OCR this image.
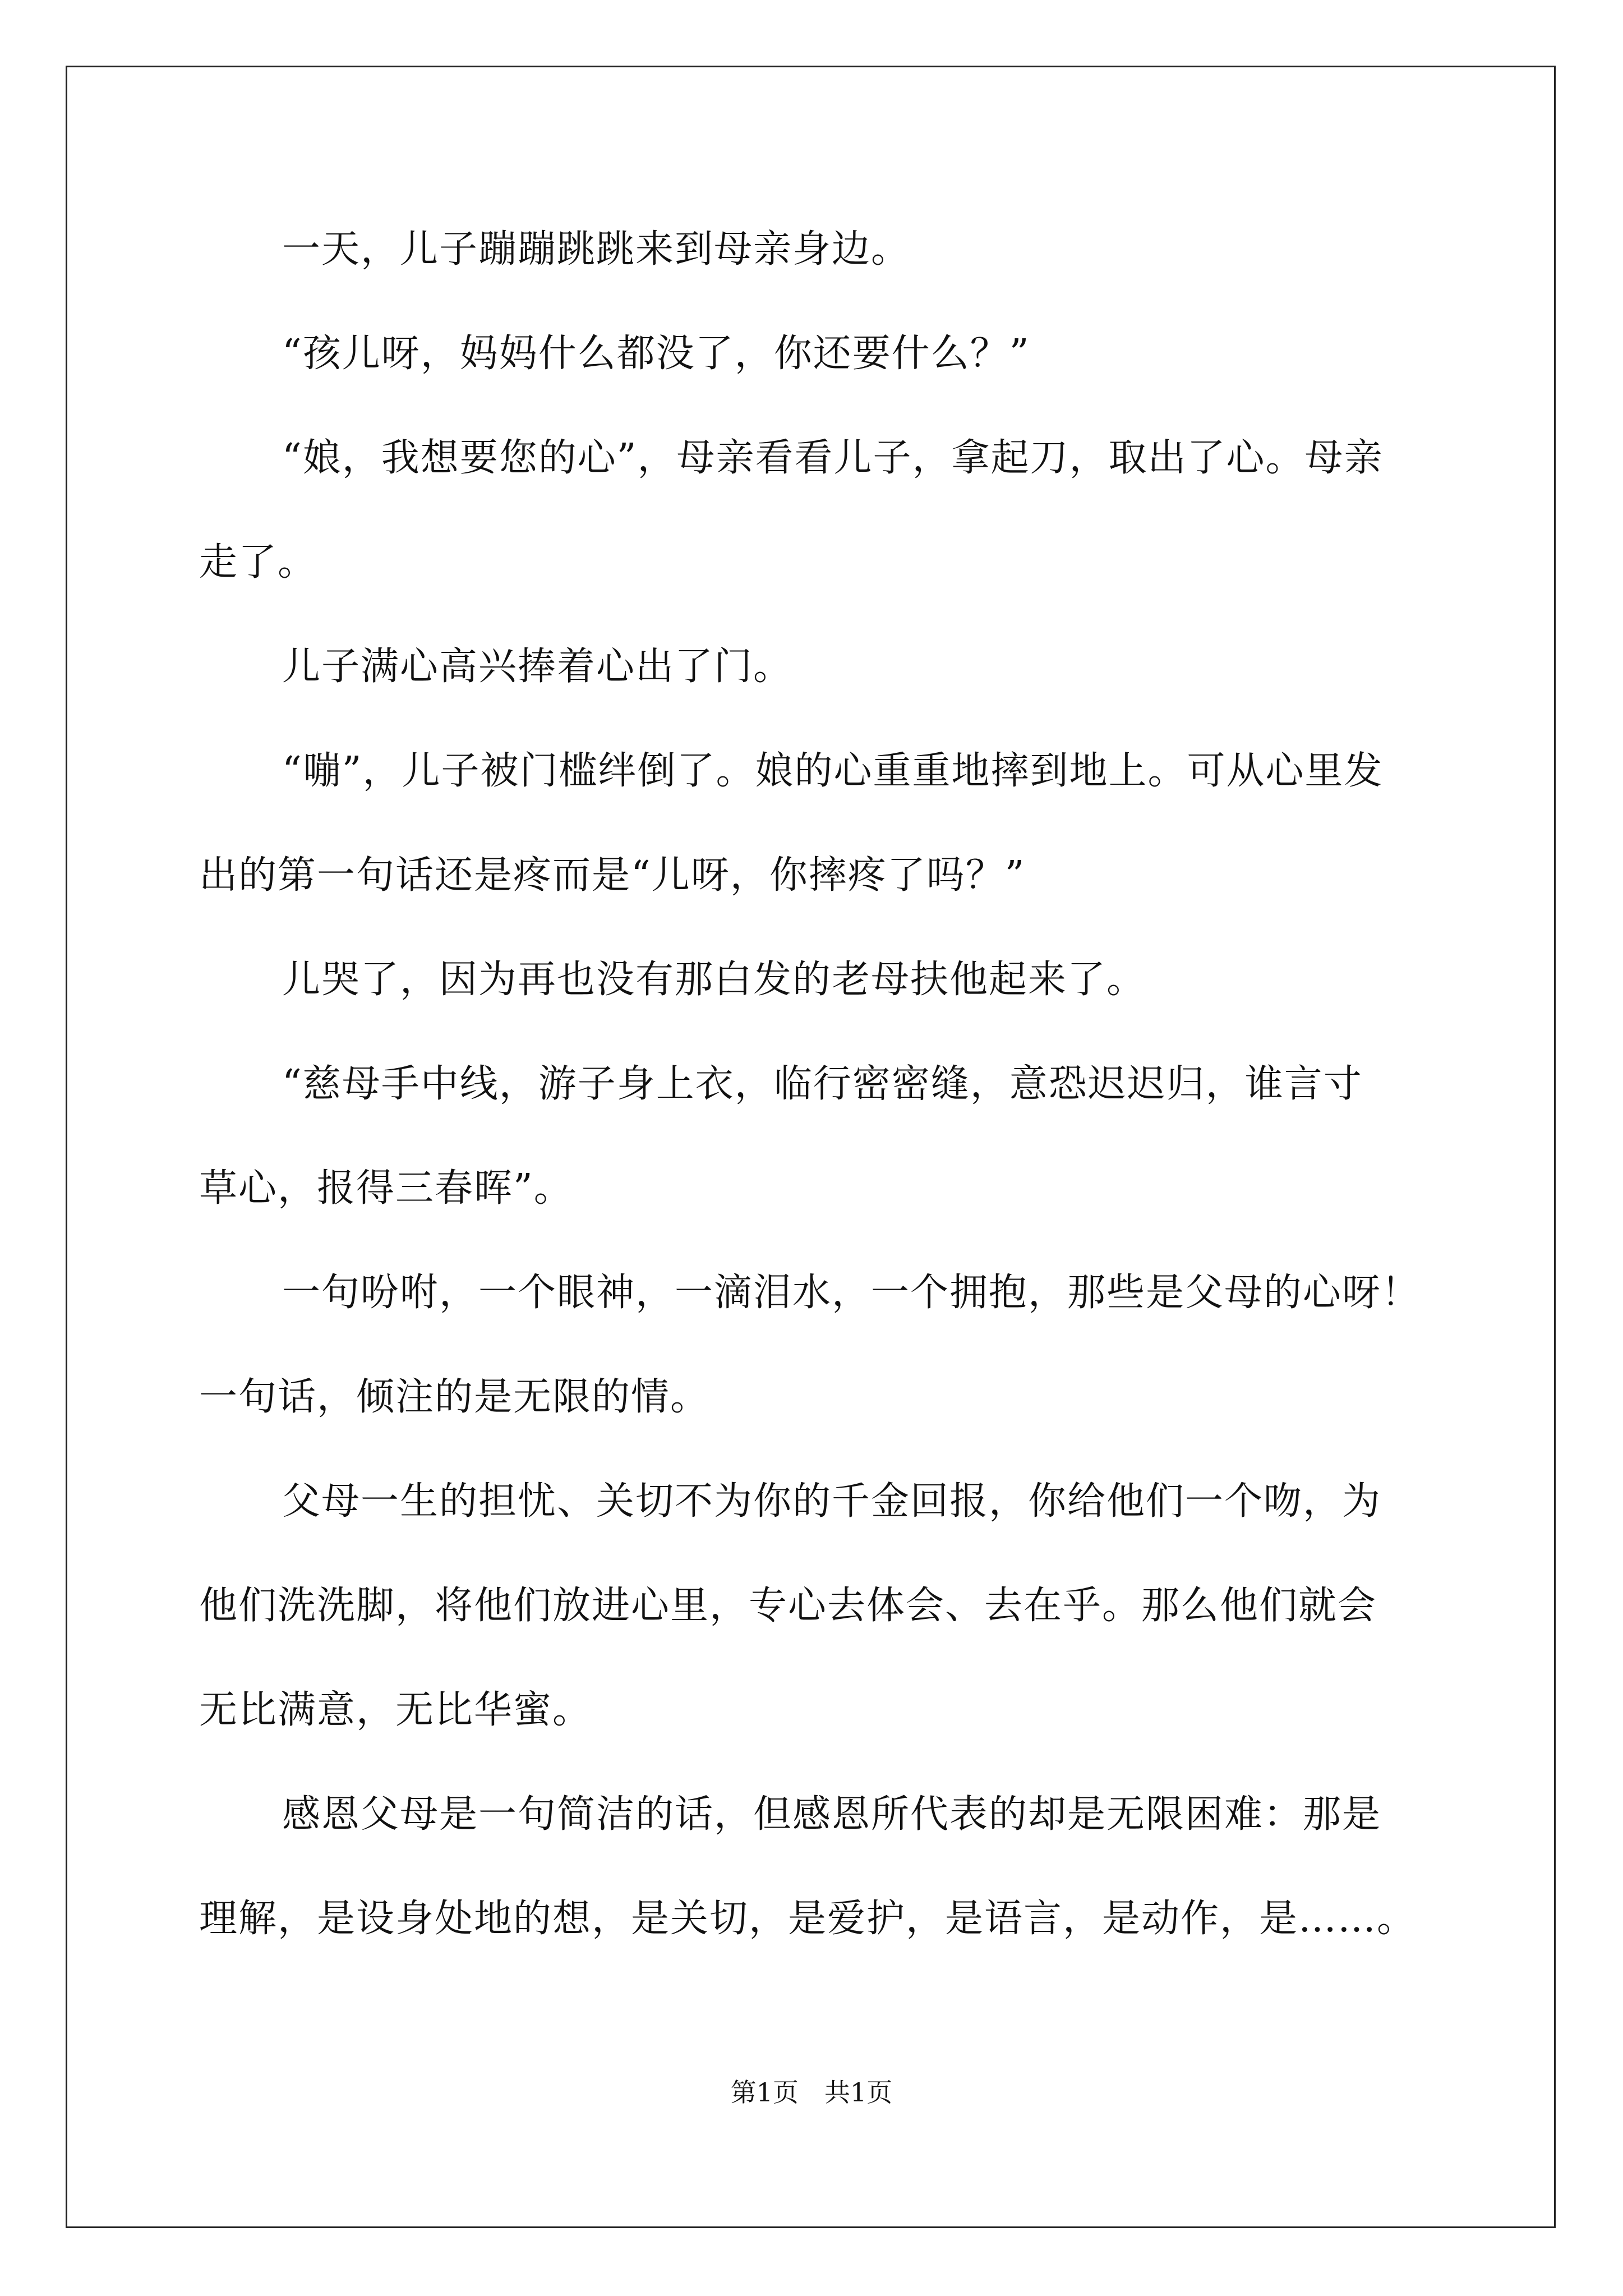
一天，儿子蹦蹦跳跳来到母亲身边。
“孩儿呀，妈妈什么都没了，你还要什么？”
“娘，我想要您的心”，母亲看看儿子，拿起刀，取出了心。母亲
走了。
儿子满心高兴捧着心出了门。
“嘣”，儿子被门槛绊倒了。娘的心重重地摔到地上。可从心里发
出的第一句话还是疼而是“儿呀，你摔疼了吗？”
儿哭了，因为再也没有那白发的老母扶他起来了。
“慈母手中线，游子身上衣，临行密密缝，意恐迟迟归，谁言寸
草心，报得三春晖”。
一句吩咐，一个眼神，一滴泪水，一个拥抱，那些是父母的心呀！
一句话，倾注的是无限的情。
父母一生的担忧、关切不为你的千金回报，你给他们一个吻，为
他们洗洗脚，将他们放进心里，专心去体会、去在乎。那么他们就会
无比满意，无比华蜜。
感恩父母是一句简洁的话，但感恩所代表的却是无限困难：那是
理解，是设身处地的想，是关切，是爱护，是语言，是动作，是……。
第1页　共1页
